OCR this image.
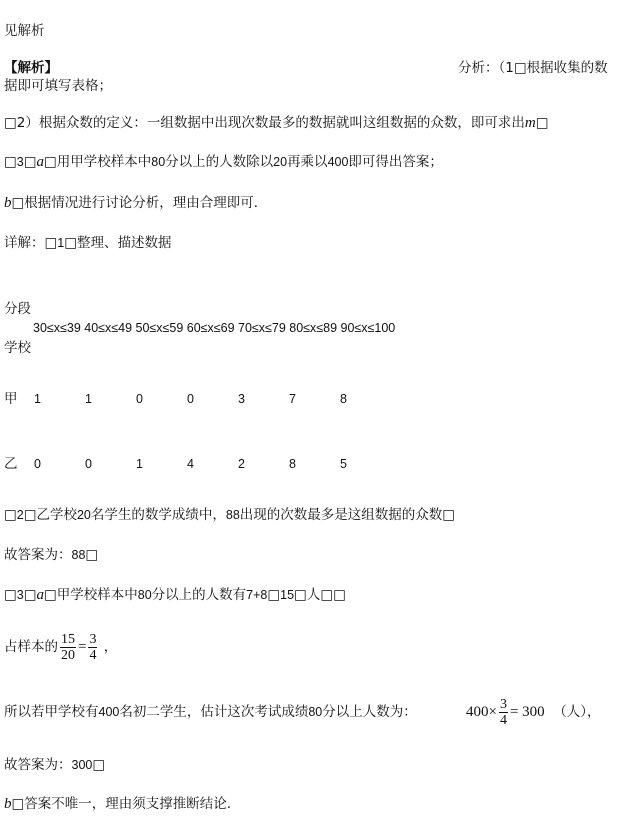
见解析
【解析】	分析：（1□根据收集的数
据即可填写表格；
□2）根据众数的定义：一组数据中出现次数最多的数据就叫这组数据的众数，即可求出m□
□3□a□用甲学校样本中80分以上的人数除以20再乘以400即可得出答案；
b□根据情况进行讨论分析，理由合理即可．
详解：□1□整理、描述数据
分段
30≤x≤39 40≤x≤49 50≤x≤59 60≤x≤69 70≤x≤79 80≤x≤89 90≤x≤100
学校
甲 1	1	0	0	3	7	8
乙 0	0	1	4	2	8	5
□2□乙学校20名学生的数学成绩中，88出现的次数最多是这组数据的众数□
故答案为：88□
□3□a□甲学校样本中80分以上的人数有7+8□15□人□□
占样本的 $\frac{15}{20} = \frac{3}{4}$ ，
所以若甲学校有400名初二学生，估计这次考试成绩80分以上人数为：	$400\times \frac{3}{4} = 300$ （人），
故答案为：300□
b□答案不唯一，理由须支撑推断结论.
